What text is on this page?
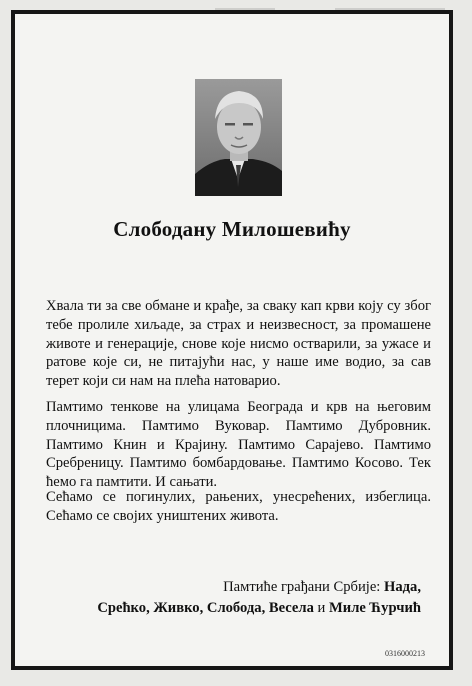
Слободану Милошевићу

Хвала ти за све обмане и крађе, за сваку кап крви коју су због тебе пролиле хиљаде, за страх и неизвесност, за промашене животе и генерације, снове које нисмо остварили, за ужасе и ратове које си, не питајући нас, у наше име водио, за сав терет који си нам на плећа натоварио.

Памтимо тенкове на улицама Београда и крв на његовим плочницима. Памтимо Вуковар. Памтимо Дубровник. Памтимо Книн и Крајину. Памтимо Сарајево. Памтимо Сребреницу. Памтимо бомбардовање. Памтимо Косово. Тек ћемо га памтити. И сањати.

Сећамо се погинулих, рањених, унесрећених, избеглица. Сећамо се својих уништених живота.

Памтиће грађани Србије: Нада,
Срећко, Живко, Слобода, Весела и Миле Ћурчић
0316000213
